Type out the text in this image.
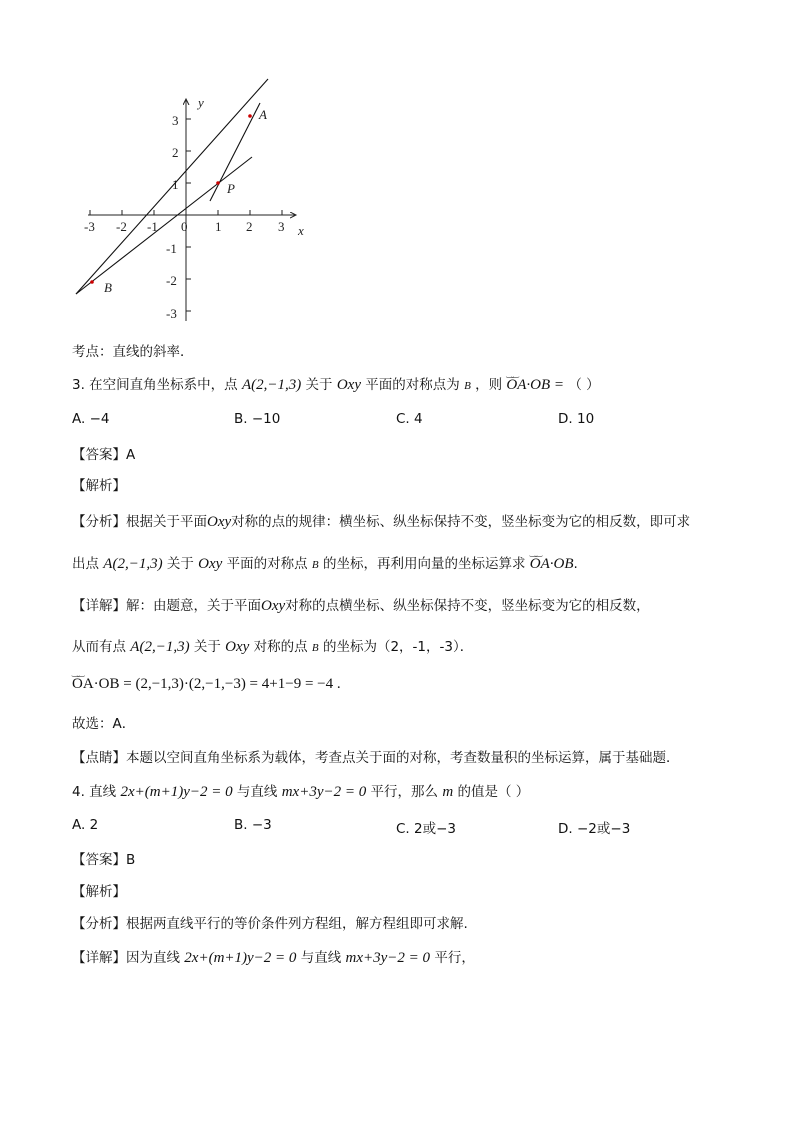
-3 -2 -1 0 1 2 3
3
2
1
-1
-2
-3
x
y
A
P
B
考点：直线的斜率．
3. 在空间直角坐标系中，点 A(2,−1,3) 关于 Oxy 平面的对称点为 B ，则 ‿‿ OA·OB = （ ）
A. −4	B. −10	C. 4	D. 10
【答案】A
【解析】
【分析】根据关于平面Oxy对称的点的规律：横坐标、纵坐标保持不变，竖坐标变为它的相反数，即可求
出点 A(2,−1,3) 关于 Oxy 平面的对称点 B 的坐标，再利用向量的坐标运算求 ‿‿ OA·OB.
【详解】解：由题意，关于平面Oxy对称的点横坐标、纵坐标保持不变，竖坐标变为它的相反数，
从而有点 A(2,−1,3) 关于 Oxy 对称的点 B 的坐标为（2，-1，-3）．
‿‿ OA·OB = (2,−1,3)·(2,−1,−3) = 4+1−9 = −4 .
故选：A．
【点睛】本题以空间直角坐标系为载体，考查点关于面的对称，考查数量积的坐标运算，属于基础题．
4. 直线 2x+(m+1)y−2 = 0 与直线 mx+3y−2 = 0 平行，那么 m 的值是（ ）
A. 2	B. −3	C. 2或−3	D. −2或−3
【答案】B
【解析】
【分析】根据两直线平行的等价条件列方程组，解方程组即可求解.
【详解】因为直线 2x+(m+1)y−2 = 0 与直线 mx+3y−2 = 0 平行，
